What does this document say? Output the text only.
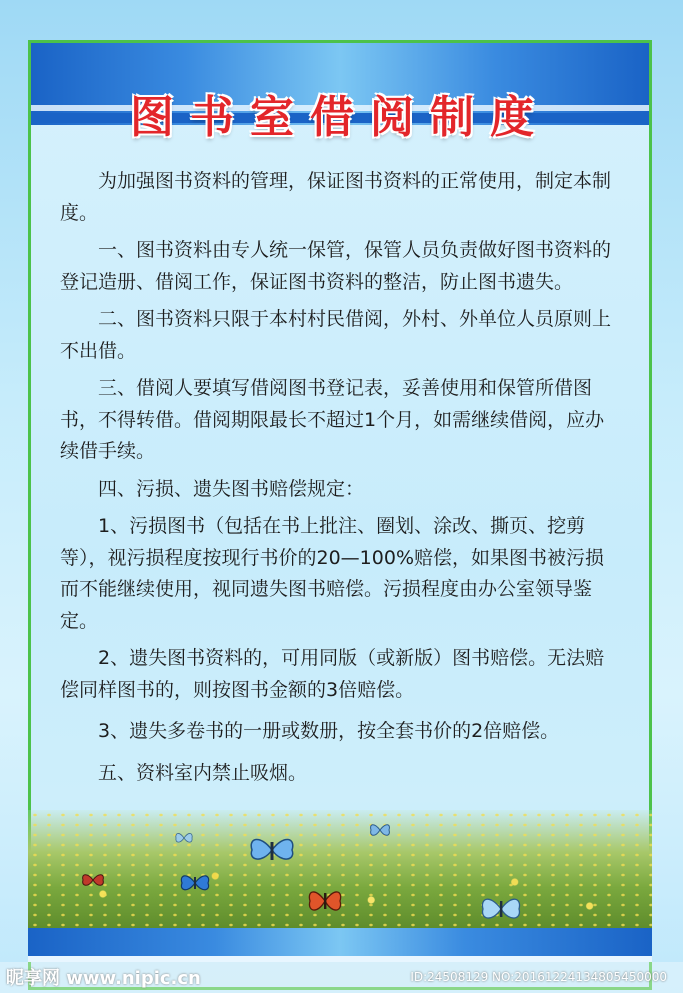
图书室借阅制度

为加强图书资料的管理，保证图书资料的正常使用，制定本制度。

一、图书资料由专人统一保管，保管人员负责做好图书资料的登记造册、借阅工作，保证图书资料的整洁，防止图书遗失。

二、图书资料只限于本村村民借阅，外村、外单位人员原则上不出借。

三、借阅人要填写借阅图书登记表，妥善使用和保管所借图书，不得转借。借阅期限最长不超过1个月，如需继续借阅，应办续借手续。

四、污损、遗失图书赔偿规定：

1、污损图书（包括在书上批注、圈划、涂改、撕页、挖剪等），视污损程度按现行书价的20—100%赔偿，如果图书被污损而不能继续使用，视同遗失图书赔偿。污损程度由办公室领导鉴定。

2、遗失图书资料的，可用同版（或新版）图书赔偿。无法赔偿同样图书的，则按图书金额的3倍赔偿。

3、遗失多卷书的一册或数册，按全套书价的2倍赔偿。

五、资料室内禁止吸烟。

昵享网 www.nipic.cn	ID:24508129 NO:20161224134805450000
